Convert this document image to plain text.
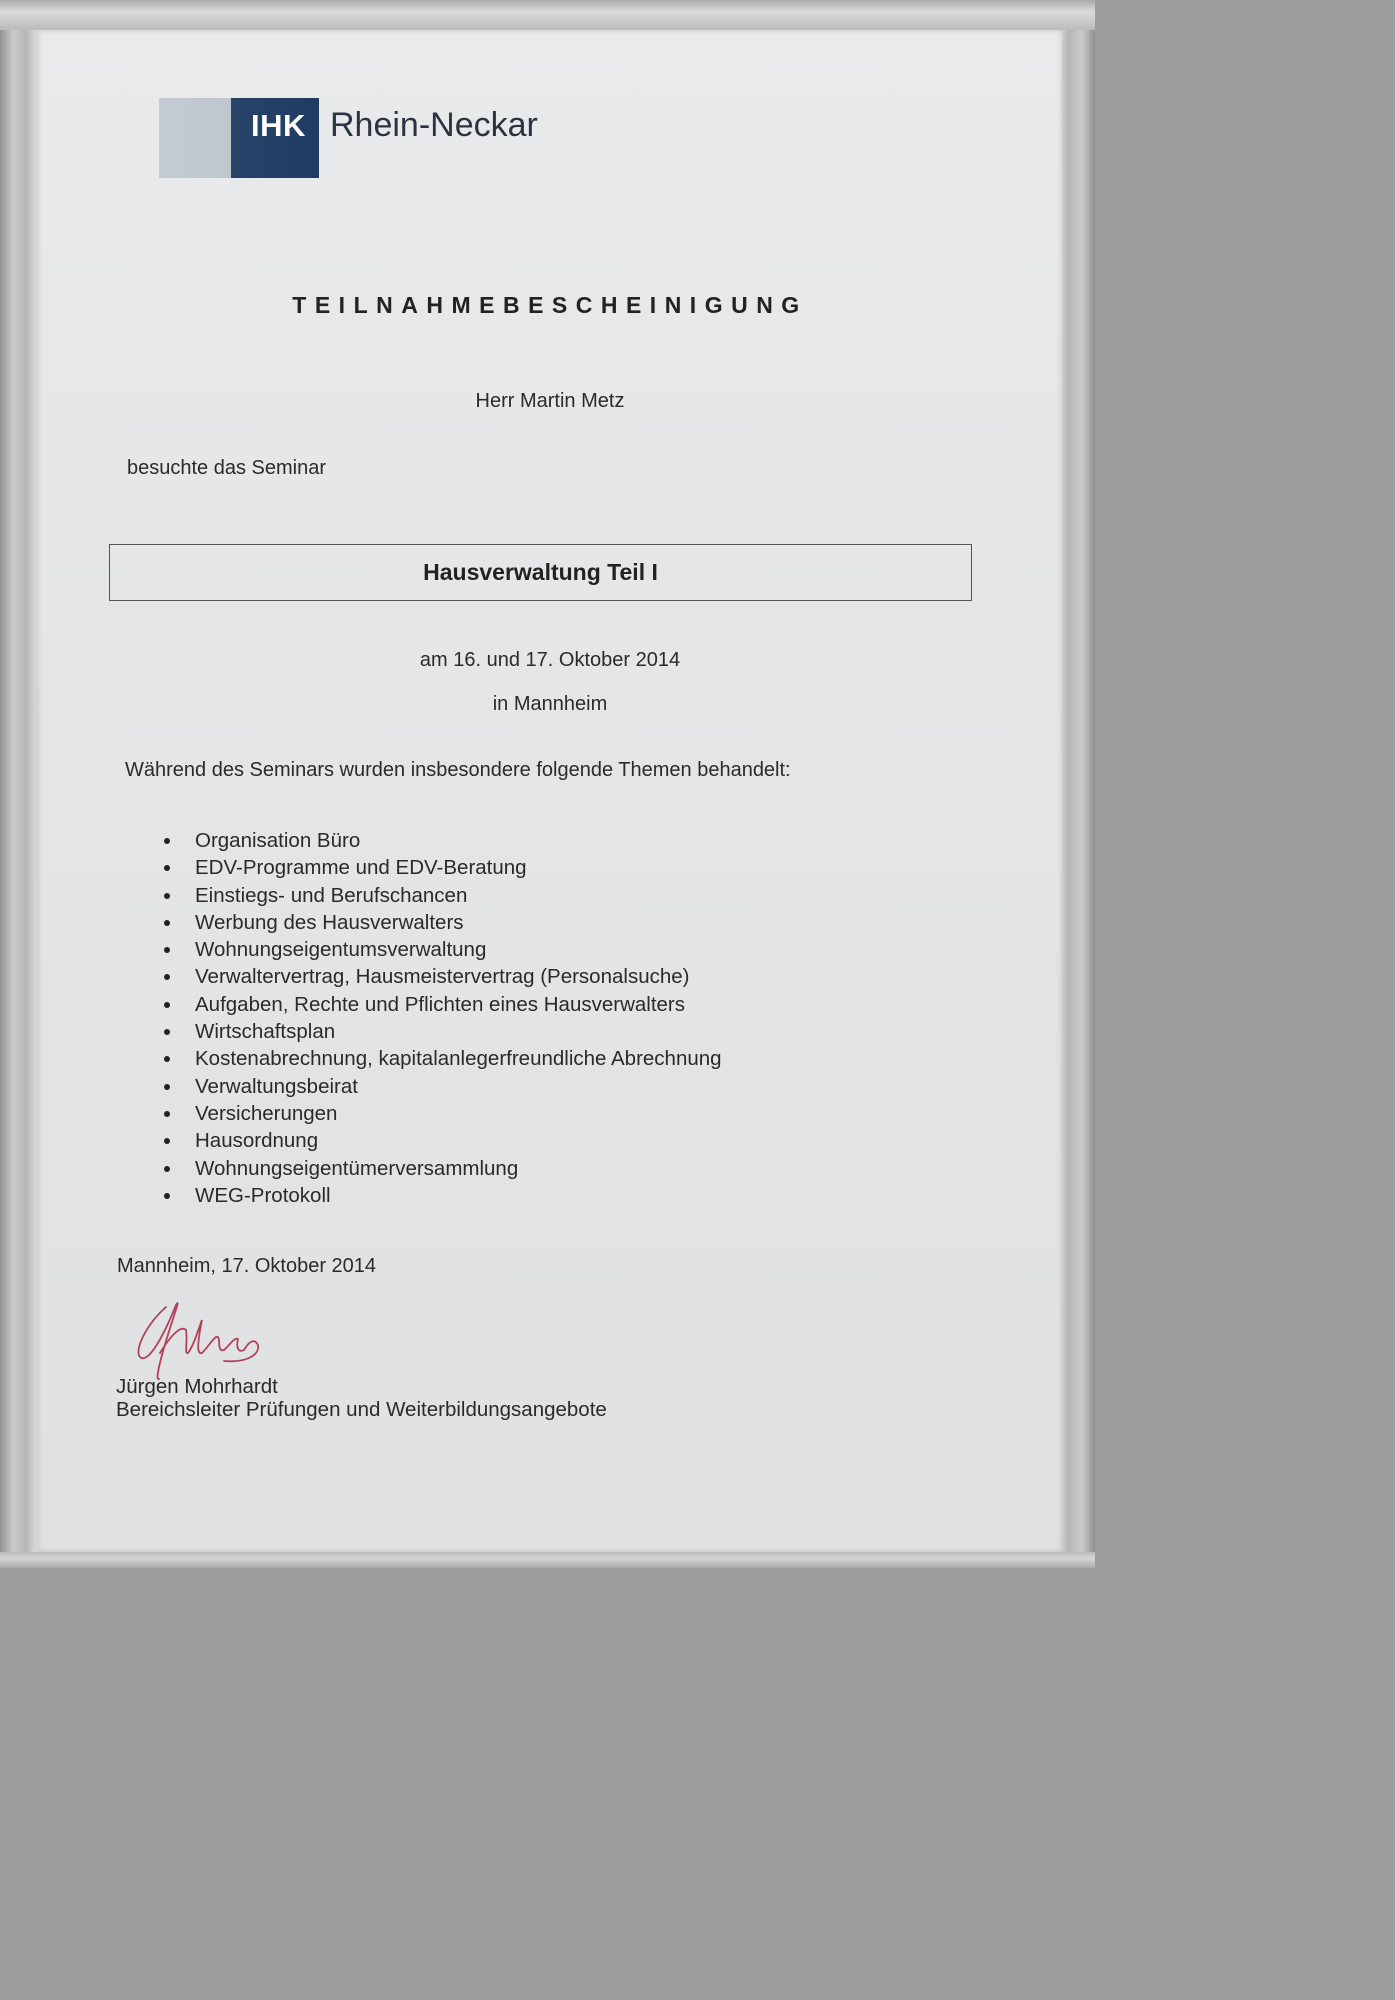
IHK Rhein-Neckar
TEILNAHMEBESCHEINIGUNG
Herr Martin Metz
besuchte das Seminar
Hausverwaltung Teil I
am 16. und 17. Oktober 2014
in Mannheim
Während des Seminars wurden insbesondere folgende Themen behandelt:
Organisation Büro
EDV-Programme und EDV-Beratung
Einstiegs- und Berufschancen
Werbung des Hausverwalters
Wohnungseigentumsverwaltung
Verwaltervertrag, Hausmeistervertrag (Personalsuche)
Aufgaben, Rechte und Pflichten eines Hausverwalters
Wirtschaftsplan
Kostenabrechnung, kapitalanlegerfreundliche Abrechnung
Verwaltungsbeirat
Versicherungen
Hausordnung
Wohnungseigentümerversammlung
WEG-Protokoll
Mannheim, 17. Oktober 2014
Jürgen Mohrhardt
Bereichsleiter Prüfungen und Weiterbildungsangebote
